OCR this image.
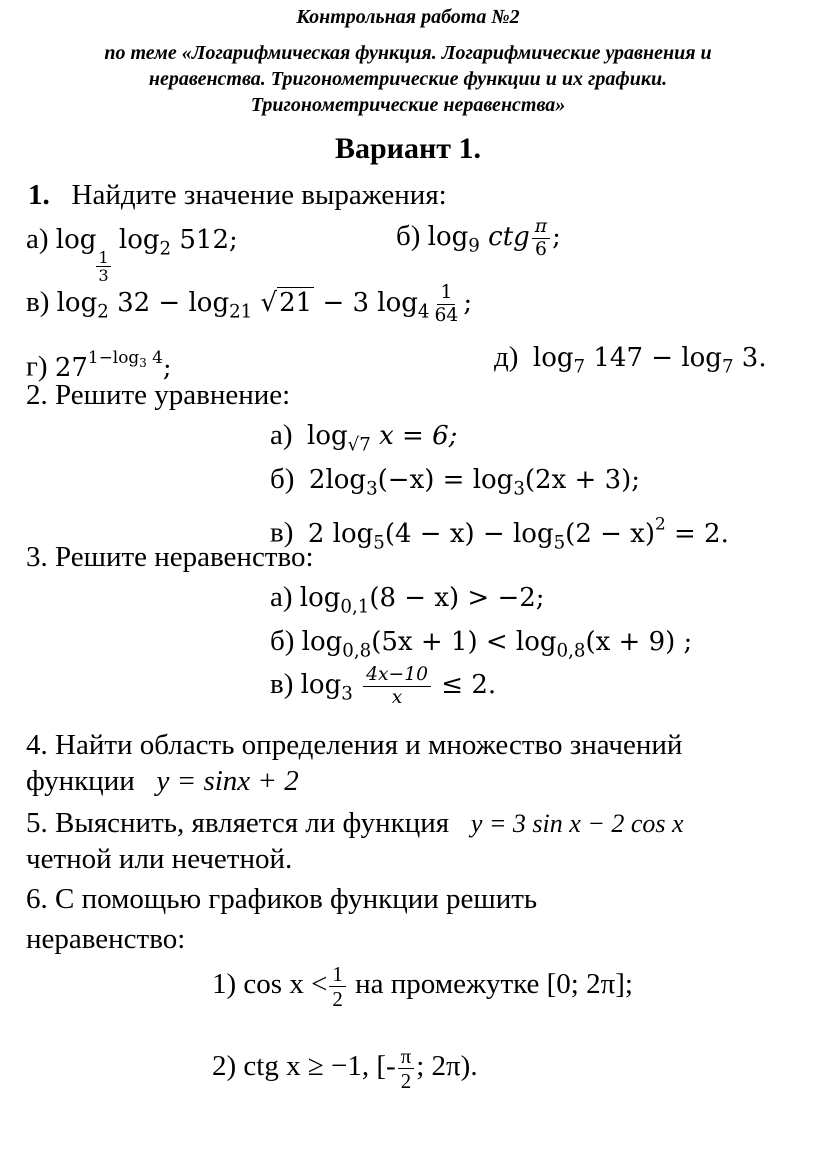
Контрольная работа №2
по теме «Логарифмическая функция. Логарифмические уравнения и
неравенства. Тригонометрические функции и их графики.
Тригонометрические неравенства»
Вариант 1.
1. Найдите значение выражения:
а) log
$\frac{1}{3}$
$\log_2 512$;	б) $\log_9$ ctg $\frac{\pi}{6}$ ;
в) $\log_2 32 - \log_{21} √21 - 3$ $\log_4 \frac{1}{64}$ ;
г) $27^{1-log_3 4}$;	д) $\log_7 147 - \log_7 3$.
2. Решите уравнение:
а) $\log_{√7} x = 6$;
б) $2\log_3(-x) = \log_3(2x + 3)$;
в) 2 $\log_5(4 - x) - \log_5(2 - x)^2 = 2$.
3. Решите неравенство:
а) $\log_{0,1}(8 - x) > -2$;
б) $\log_{0,8}(5x + 1) < \log_{0,8}(x + 9)$ ;
в) $\log_3 \frac{4x-10}{x} \le 2$.
4. Найти область определения и множество значений
функции y = sinx + 2
5. Выяснить, является ли функция y = 3 sin x − 2 cos x
четной или нечетной.
6. С помощью графиков функции решить
неравенство:
1) $\cos x < \frac{1}{2}$ на промежутке [0; 2π];
2) ctg x ≥ −1, [- $\frac{\pi}{2}$ ; 2π).
